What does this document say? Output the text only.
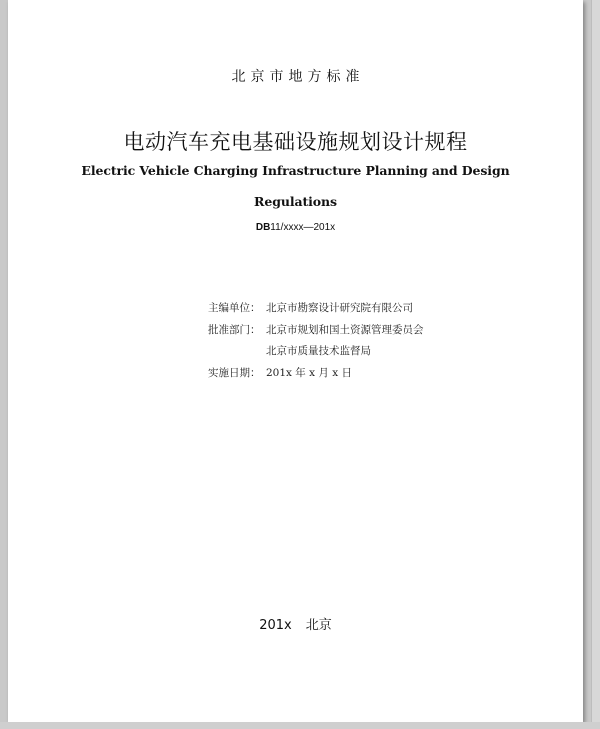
北京市地方标准
电动汽车充电基础设施规划设计规程
Electric Vehicle Charging Infrastructure Planning and Design
Regulations
DB11/xxxx—201x
主编单位： 北京市勘察设计研究院有限公司
批准部门： 北京市规划和国土资源管理委员会
北京市质量技术监督局
实施日期： 201x 年 x 月 x 日
201x 北京
